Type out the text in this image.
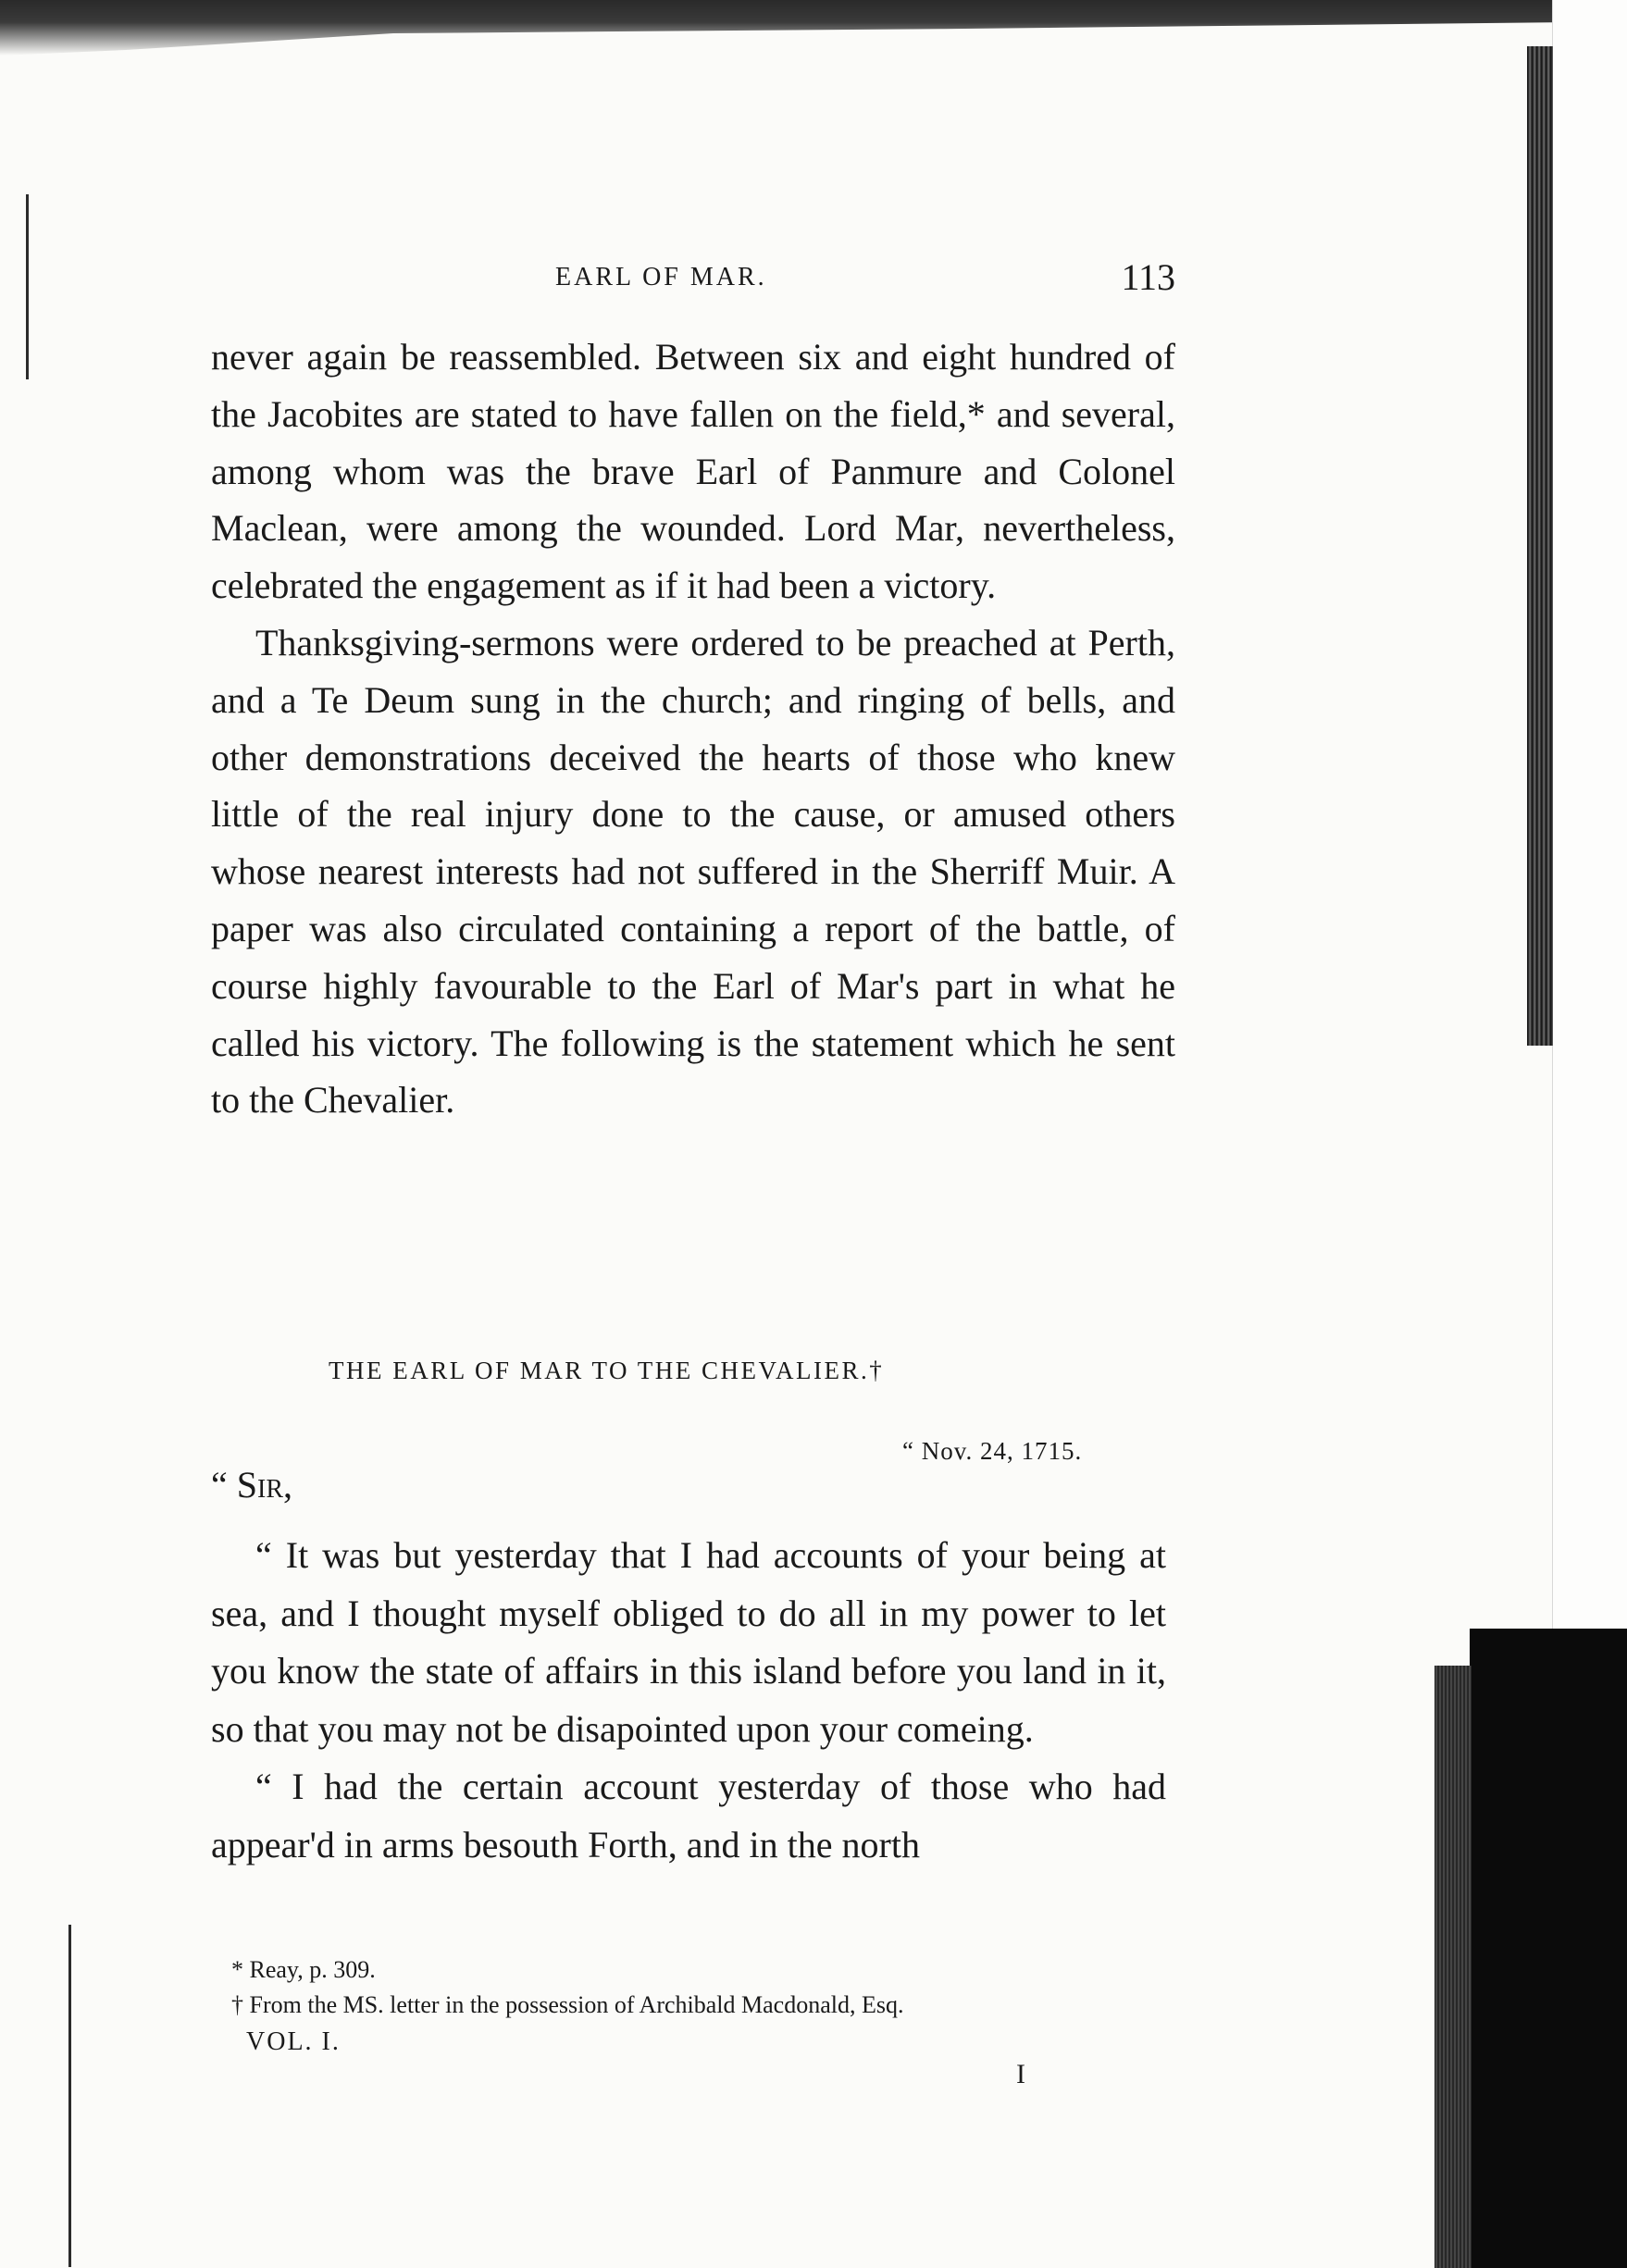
EARL OF MAR.	113

never again be reassembled. Between six and eight hundred of the Jacobites are stated to have fallen on the field,* and several, among whom was the brave Earl of Panmure and Colonel Maclean, were among the wounded. Lord Mar, nevertheless, celebrated the engagement as if it had been a victory.

Thanksgiving-sermons were ordered to be preached at Perth, and a Te Deum sung in the church; and ringing of bells, and other demonstrations deceived the hearts of those who knew little of the real injury done to the cause, or amused others whose nearest interests had not suffered in the Sherriff Muir. A paper was also circulated containing a report of the battle, of course highly favourable to the Earl of Mar's part in what he called his victory. The following is the statement which he sent to the Chevalier.

THE EARL OF MAR TO THE CHEVALIER.†
“ Nov. 24, 1715.
“ Sir,

“ It was but yesterday that I had accounts of your being at sea, and I thought myself obliged to do all in my power to let you know the state of affairs in this island before you land in it, so that you may not be disapointed upon your comeing.

“ I had the certain account yesterday of those who had appear'd in arms besouth Forth, and in the north

* Reay, p. 309.

† From the MS. letter in the possession of Archibald Macdonald, Esq.

VOL. I.
I
